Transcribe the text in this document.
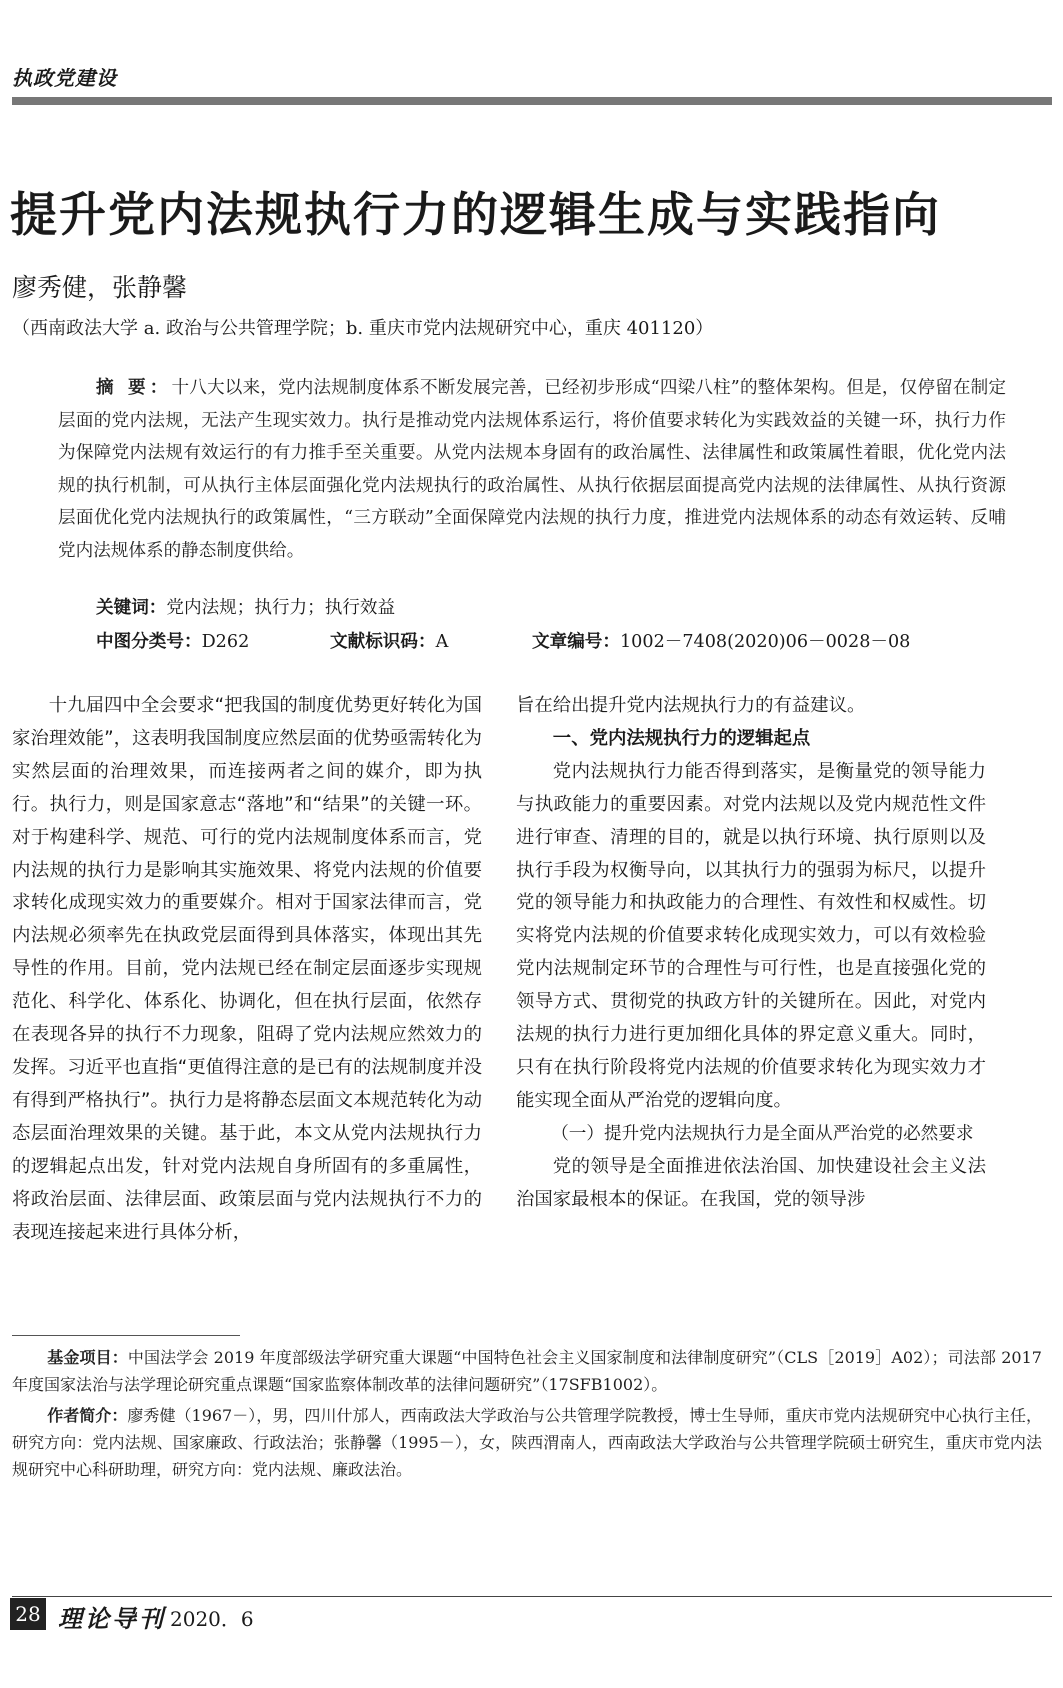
执政党建设
提升党内法规执行力的逻辑生成与实践指向
廖秀健，张静馨
（西南政法大学 a. 政治与公共管理学院；b. 重庆市党内法规研究中心，重庆 401120）
摘 要：十八大以来，党内法规制度体系不断发展完善，已经初步形成“四梁八柱”的整体架构。但是，仅停留在制定层面的党内法规，无法产生现实效力。执行是推动党内法规体系运行，将价值要求转化为实践效益的关键一环，执行力作为保障党内法规有效运行的有力推手至关重要。从党内法规本身固有的政治属性、法律属性和政策属性着眼，优化党内法规的执行机制，可从执行主体层面强化党内法规执行的政治属性、从执行依据层面提高党内法规的法律属性、从执行资源层面优化党内法规执行的政策属性，“三方联动”全面保障党内法规的执行力度，推进党内法规体系的动态有效运转、反哺党内法规体系的静态制度供给。
关键词：党内法规；执行力；执行效益
中图分类号：D262	文献标识码：A	文章编号：1002－7408(2020)06－0028－08

十九届四中全会要求“把我国的制度优势更好转化为国家治理效能”，这表明我国制度应然层面的优势亟需转化为实然层面的治理效果，而连接两者之间的媒介，即为执行。执行力，则是国家意志“落地”和“结果”的关键一环。对于构建科学、规范、可行的党内法规制度体系而言，党内法规的执行力是影响其实施效果、将党内法规的价值要求转化成现实效力的重要媒介。相对于国家法律而言，党内法规必须率先在执政党层面得到具体落实，体现出其先导性的作用。目前，党内法规已经在制定层面逐步实现规范化、科学化、体系化、协调化，但在执行层面，依然存在表现各异的执行不力现象，阻碍了党内法规应然效力的发挥。习近平也直指“更值得注意的是已有的法规制度并没有得到严格执行”。执行力是将静态层面文本规范转化为动态层面治理效果的关键。基于此，本文从党内法规执行力的逻辑起点出发，针对党内法规自身所固有的多重属性，将政治层面、法律层面、政策层面与党内法规执行不力的表现连接起来进行具体分析，

旨在给出提升党内法规执行力的有益建议。

一、党内法规执行力的逻辑起点

党内法规执行力能否得到落实，是衡量党的领导能力与执政能力的重要因素。对党内法规以及党内规范性文件进行审查、清理的目的，就是以执行环境、执行原则以及执行手段为权衡导向，以其执行力的强弱为标尺，以提升党的领导能力和执政能力的合理性、有效性和权威性。切实将党内法规的价值要求转化成现实效力，可以有效检验党内法规制定环节的合理性与可行性，也是直接强化党的领导方式、贯彻党的执政方针的关键所在。因此，对党内法规的执行力进行更加细化具体的界定意义重大。同时，只有在执行阶段将党内法规的价值要求转化为现实效力才能实现全面从严治党的逻辑向度。

（一）提升党内法规执行力是全面从严治党的必然要求

党的领导是全面推进依法治国、加快建设社会主义法治国家最根本的保证。在我国，党的领导涉

基金项目：中国法学会 2019 年度部级法学研究重大课题“中国特色社会主义国家制度和法律制度研究”（CLS［2019］A02）；司法部 2017 年度国家法治与法学理论研究重点课题“国家监察体制改革的法律问题研究”（17SFB1002）。

作者简介：廖秀健（1967－），男，四川什邡人，西南政法大学政治与公共管理学院教授，博士生导师，重庆市党内法规研究中心执行主任，研究方向：党内法规、国家廉政、行政法治；张静馨（1995－），女，陕西渭南人，西南政法大学政治与公共管理学院硕士研究生，重庆市党内法规研究中心科研助理，研究方向：党内法规、廉政法治。

28 理论导刊 2020．6
